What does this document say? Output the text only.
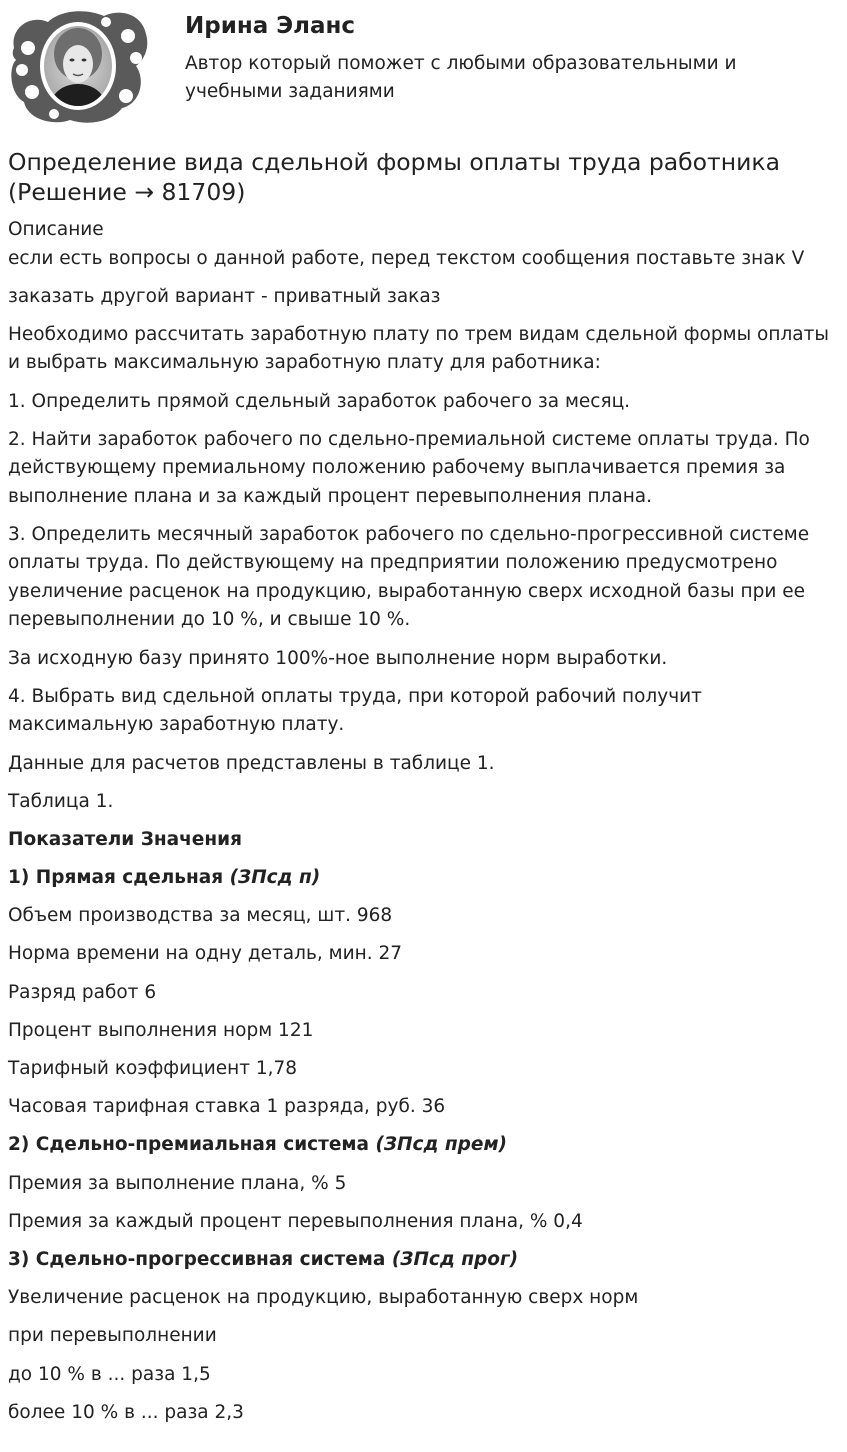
Ирина Эланс
Автор который поможет с любыми образовательными и учебными заданиями
Определение вида сдельной формы оплаты труда работника (Решение → 81709)

Описание

если есть вопросы о данной работе, перед текстом сообщения поставьте знак V

заказать другой вариант - приватный заказ

Необходимо рассчитать заработную плату по трем видам сдельной формы оплаты и выбрать максимальную заработную плату для работника:

1. Определить прямой сдельный заработок рабочего за месяц.

2. Найти заработок рабочего по сдельно-премиальной системе оплаты труда. По действующему премиальному положению рабочему выплачивается премия за выполнение плана и за каждый процент перевыполнения плана.

3. Определить месячный заработок рабочего по сдельно-прогрессивной системе оплаты труда. По действующему на предприятии положению предусмотрено увеличение расценок на продукцию, выработанную сверх исходной базы при ее перевыполнении до 10 %, и свыше 10 %.

За исходную базу принято 100%-ное выполнение норм выработки.

4. Выбрать вид сдельной оплаты труда, при которой рабочий получит максимальную заработную плату.

Данные для расчетов представлены в таблице 1.

Таблица 1.

Показатели Значения

1) Прямая сдельная (ЗПсд п)

Объем производства за месяц, шт. 968

Норма времени на одну деталь, мин. 27

Разряд работ 6

Процент выполнения норм 121

Тарифный коэффициент 1,78

Часовая тарифная ставка 1 разряда, руб. 36

2) Сдельно-премиальная система (ЗПсд прем)

Премия за выполнение плана, % 5

Премия за каждый процент перевыполнения плана, % 0,4

3) Сдельно-прогрессивная система (ЗПсд прог)

Увеличение расценок на продукцию, выработанную сверх норм

при перевыполнении

до 10 % в ... раза 1,5

более 10 % в ... раза 2,3
